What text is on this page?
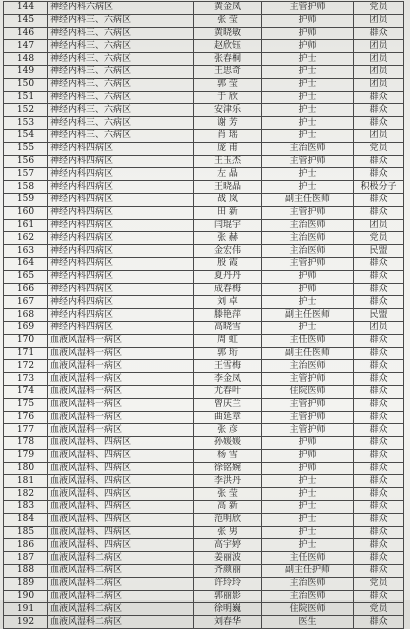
144	神经内科六病区	黄金凤	主管护师	党员
145	神经内科三、六病区	张 莹	护师	团员
146	神经内科三、六病区	黄晓敏	护师	群众
147	神经内科三、六病区	赵欣钰	护师	团员
148	神经内科三、六病区	张春桐	护士	团员
149	神经内科三、六病区	王思奇	护士	团员
150	神经内科三、六病区	郭 莹	护士	团员
151	神经内科三、六病区	于 欣	护士	群众
152	神经内科三、六病区	安津乐	护士	群众
153	神经内科三、六病区	谢 芳	护士	群众
154	神经内科三、六病区	肖 瑶	护士	团员
155	神经内科四病区	庞 甫	主治医师	党员
156	神经内科四病区	王玉杰	主管护师	群众
157	神经内科四病区	左 晶	护士	群众
158	神经内科四病区	王晓晶	护士	积极分子
159	神经内科四病区	战 岚	副主任医师	群众
160	神经内科四病区	田 新	主管护师	群众
161	神经内科四病区	闫琨宇	主治医师	团员
162	神经内科四病区	张 赫	主治医师	党员
163	神经内科四病区	金宏伟	主治医师	民盟
164	神经内科四病区	殷 霞	主管护师	群众
165	神经内科四病区	夏丹丹	护师	群众
166	神经内科四病区	成春梅	护师	群众
167	神经内科四病区	刘 卓	护士	群众
168	神经内科四病区	滕艳萍	副主任医师	民盟
169	神经内科四病区	高晓雪	护士	团员
170	血液风湿科一病区	周 虹	主任医师	群众
171	血液风湿科一病区	郭 珩	副主任医师	群众
172	血液风湿科一病区	王雪梅	主治医师	群众
173	血液风湿科一病区	李金凤	主管护师	群众
174	血液风湿科一病区	尤春叶	住院医师	群众
175	血液风湿科一病区	曾庆兰	主管护师	群众
176	血液风湿科一病区	曲延章	主管护师	群众
177	血液风湿科一病区	张 彦	主管护师	群众
178	血液风湿科、四病区	孙媛媛	护师	群众
179	血液风湿科、四病区	杨 雪	护师	群众
180	血液风湿科、四病区	徐铭婉	护师	群众
181	血液风湿科、四病区	李洪丹	护士	群众
182	血液风湿科、四病区	张 莹	护士	群众
183	血液风湿科、四病区	高 新	护士	群众
184	血液风湿科、四病区	范明欣	护士	群众
185	血液风湿科、四病区	张 男	护士	群众
186	血液风湿科、四病区	高宇婷	护士	群众
187	血液风湿科二病区	姜丽波	主任医师	群众
188	血液风湿科二病区	齐颜丽	副主任护师	群众
189	血液风湿科二病区	许玲玲	主治医师	党员
190	血液风湿科二病区	郭丽影	主治医师	群众
191	血液风湿科二病区	徐明巍	住院医师	党员
192	血液风湿科二病区	刘春华	医生	群众
